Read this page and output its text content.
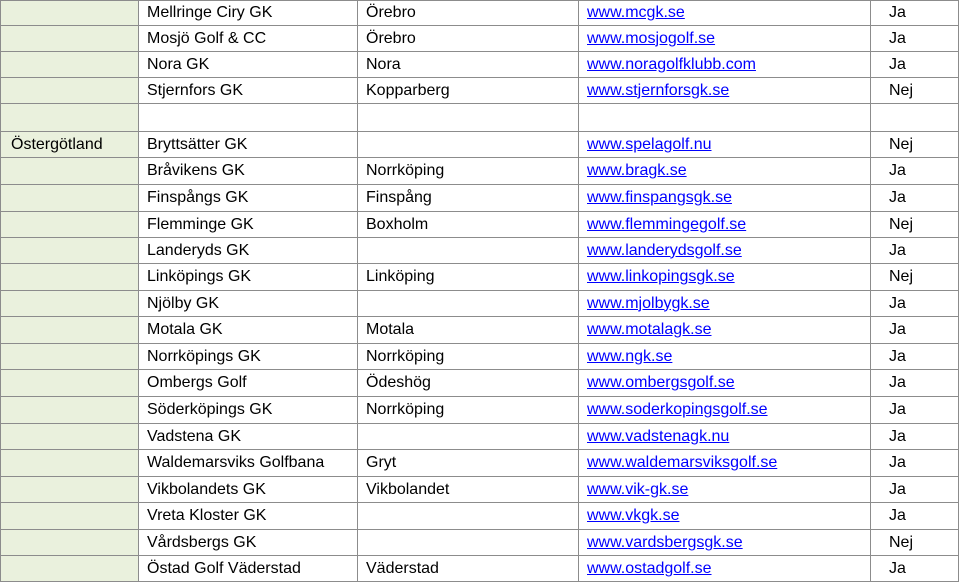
	Mellringe Ciry GK	Örebro	www.mcgk.se	Ja
	Mosjö Golf & CC	Örebro	www.mosjogolf.se	Ja
	Nora GK	Nora	www.noragolfklubb.com	Ja
	Stjernfors GK	Kopparberg	www.stjernforsgk.se	Nej

Östergötland	Bryttsätter GK		www.spelagolf.nu	Nej
	Bråvikens GK	Norrköping	www.bragk.se	Ja
	Finspångs GK	Finspång	www.finspangsgk.se	Ja
	Flemminge GK	Boxholm	www.flemmingegolf.se	Nej
	Landeryds GK		www.landerydsgolf.se	Ja
	Linköpings GK	Linköping	www.linkopingsgk.se	Nej
	Njölby GK		www.mjolbygk.se	Ja
	Motala GK	Motala	www.motalagk.se	Ja
	Norrköpings GK	Norrköping	www.ngk.se	Ja
	Ombergs Golf	Ödeshög	www.ombergsgolf.se	Ja
	Söderköpings GK	Norrköping	www.soderkopingsgolf.se	Ja
	Vadstena GK		www.vadstenagk.nu	Ja
	Waldemarsviks Golfbana	Gryt	www.waldemarsviksgolf.se	Ja
	Vikbolandets GK	Vikbolandet	www.vik-gk.se	Ja
	Vreta Kloster GK		www.vkgk.se	Ja
	Vårdsbergs GK		www.vardsbergsgk.se	Nej
	Östad Golf Väderstad	Väderstad	www.ostadgolf.se	Ja
